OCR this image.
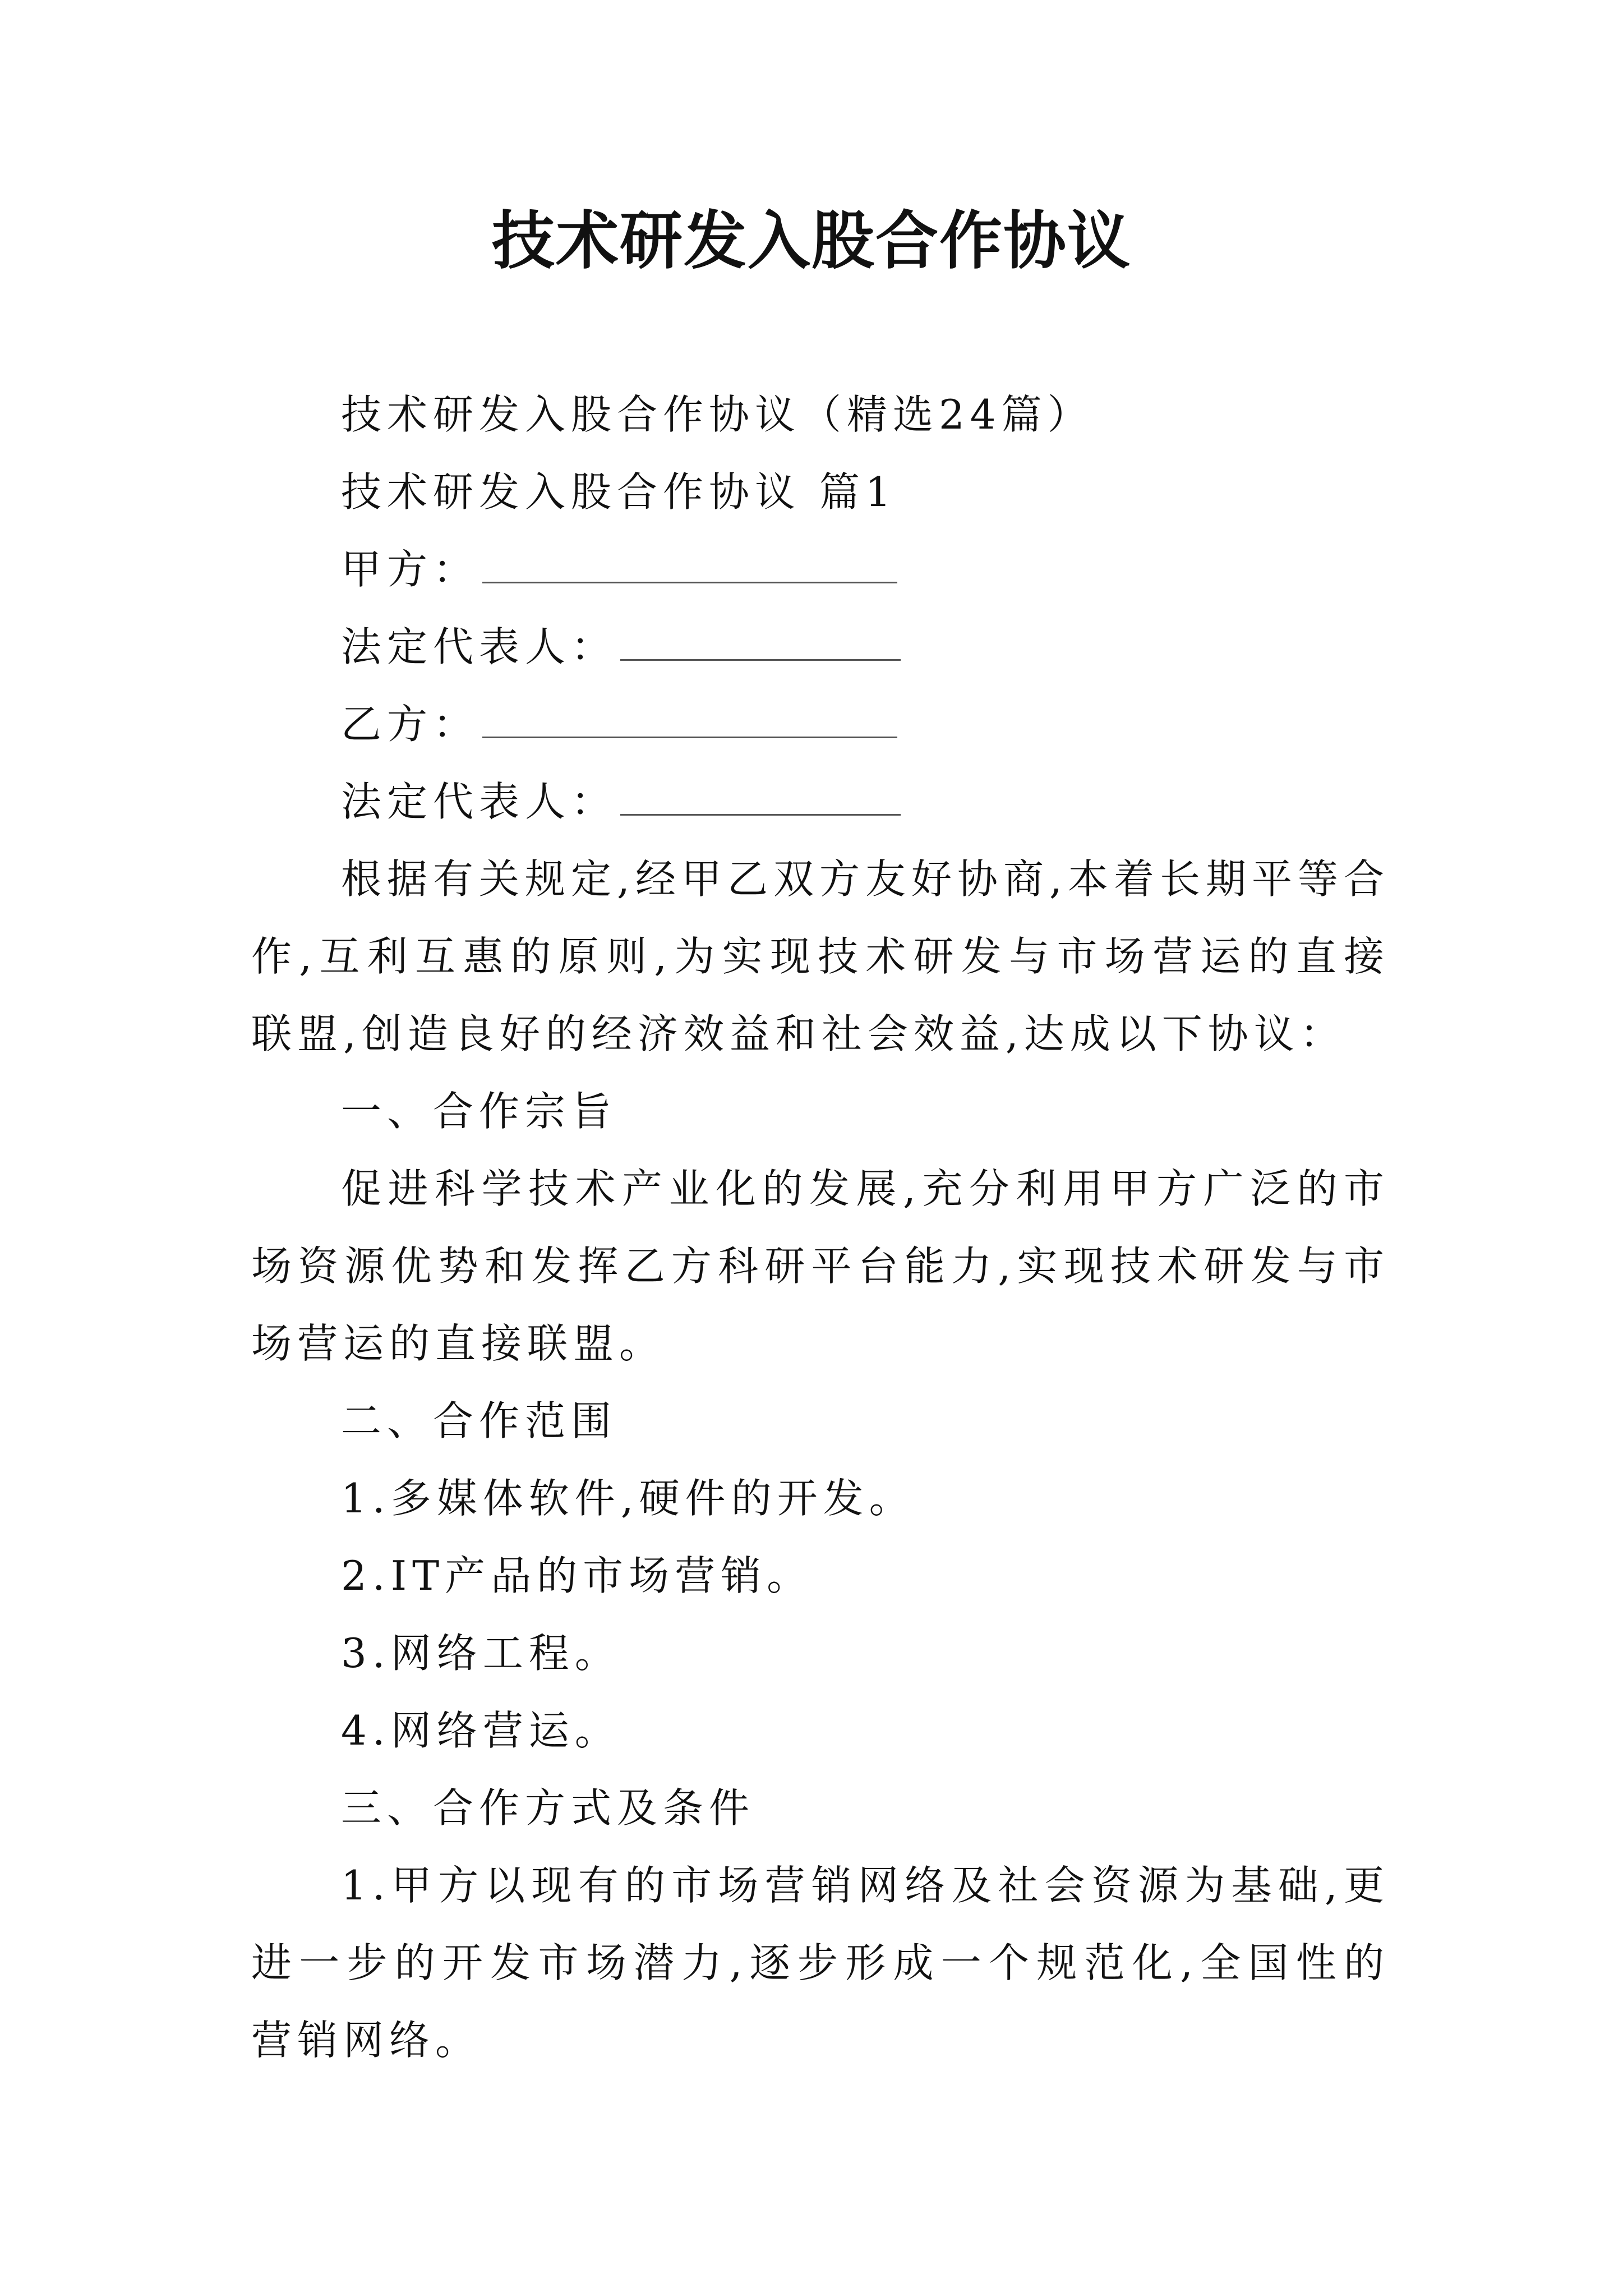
技术研发入股合作协议
技术研发入股合作协议（精选24篇）
技术研发入股合作协议 篇1
甲方：
法定代表人：
乙方：
法定代表人：
根据有关规定,经甲乙双方友好协商,本着长期平等合作,互利互惠的原则,为实现技术研发与市场营运的直接联盟,创造良好的经济效益和社会效益,达成以下协议：
一、合作宗旨
促进科学技术产业化的发展,充分利用甲方广泛的市场资源优势和发挥乙方科研平台能力,实现技术研发与市场营运的直接联盟。
二、合作范围
1.多媒体软件,硬件的开发。
2.IT产品的市场营销。
3.网络工程。
4.网络营运。
三、合作方式及条件
1.甲方以现有的市场营销网络及社会资源为基础,更进一步的开发市场潜力,逐步形成一个规范化,全国性的营销网络。
